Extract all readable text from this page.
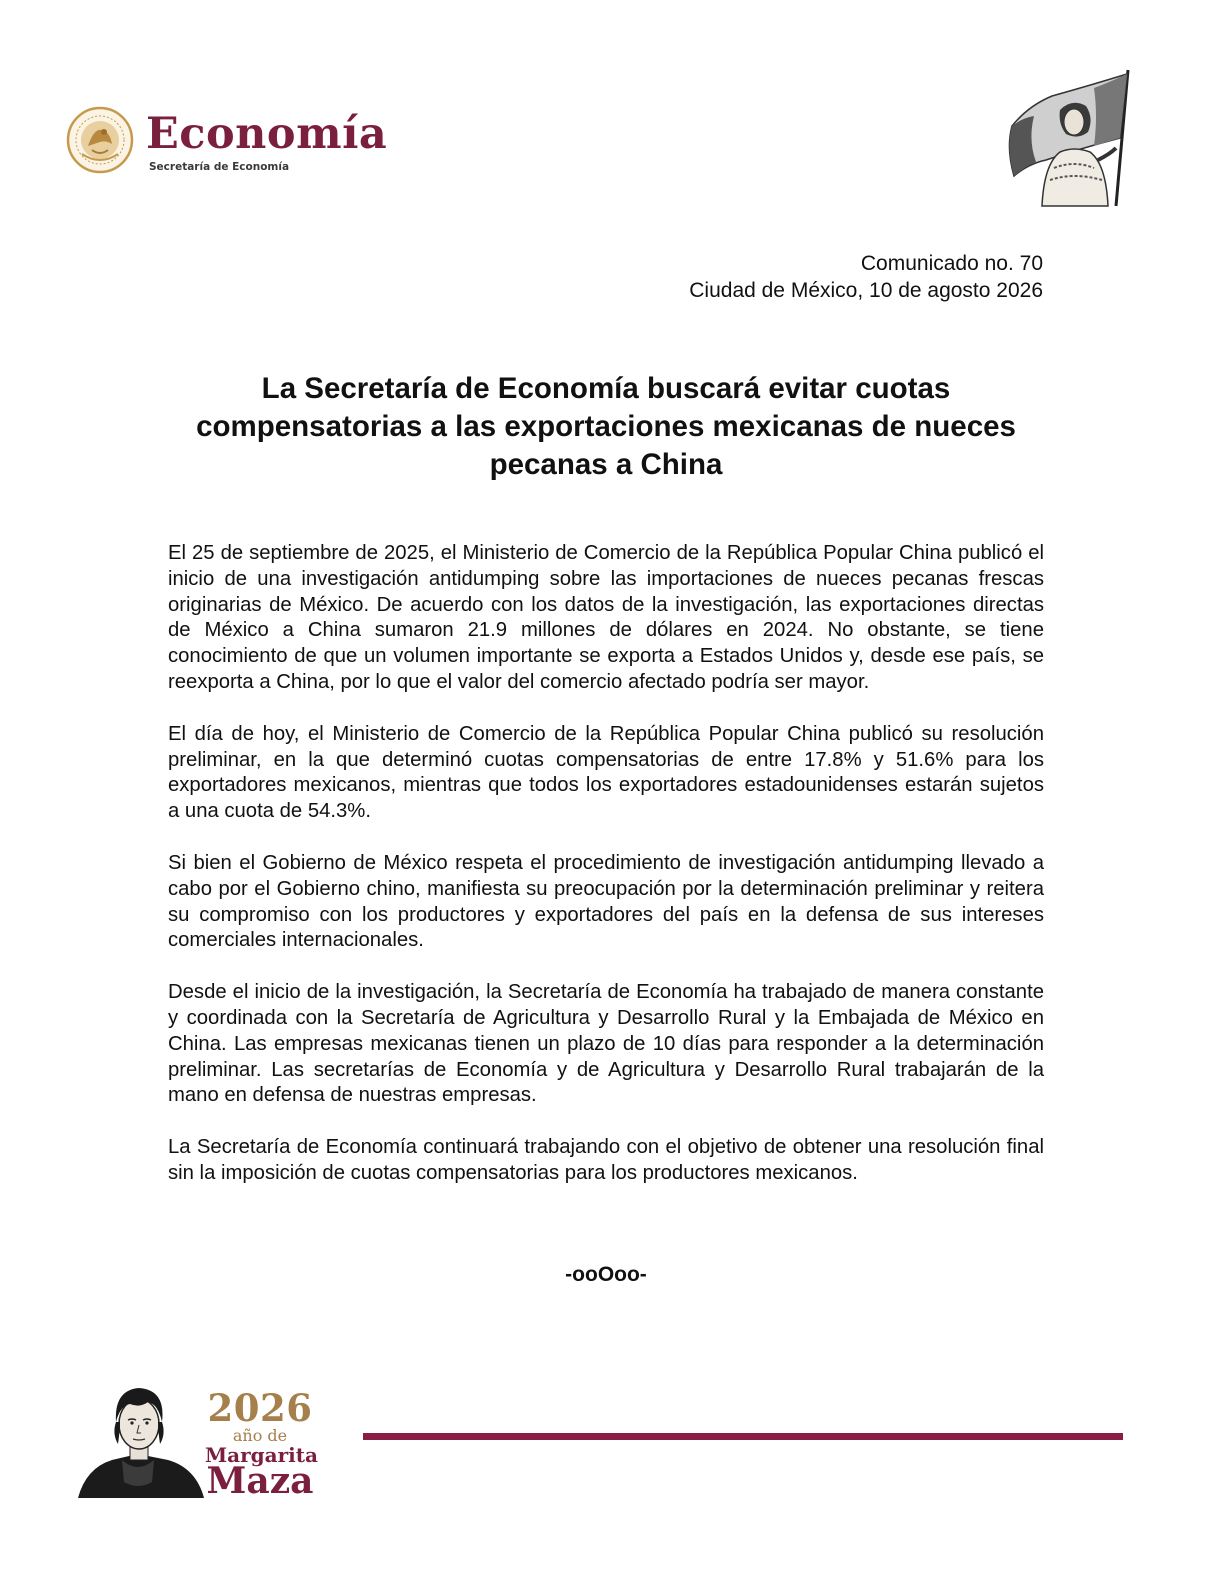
Economía
Secretaría de Economía
Comunicado no. 70
Ciudad de México, 10 de agosto 2026
La Secretaría de Economía buscará evitar cuotas compensatorias a las exportaciones mexicanas de nueces pecanas a China

El 25 de septiembre de 2025, el Ministerio de Comercio de la República Popular China publicó el inicio de una investigación antidumping sobre las importaciones de nueces pecanas frescas originarias de México. De acuerdo con los datos de la investigación, las exportaciones directas de México a China sumaron 21.9 millones de dólares en 2024. No obstante, se tiene conocimiento de que un volumen importante se exporta a Estados Unidos y, desde ese país, se reexporta a China, por lo que el valor del comercio afectado podría ser mayor.

El día de hoy, el Ministerio de Comercio de la República Popular China publicó su resolución preliminar, en la que determinó cuotas compensatorias de entre 17.8% y 51.6% para los exportadores mexicanos, mientras que todos los exportadores estadounidenses estarán sujetos a una cuota de 54.3%.

Si bien el Gobierno de México respeta el procedimiento de investigación antidumping llevado a cabo por el Gobierno chino, manifiesta su preocupación por la determinación preliminar y reitera su compromiso con los productores y exportadores del país en la defensa de sus intereses comerciales internacionales.

Desde el inicio de la investigación, la Secretaría de Economía ha trabajado de manera constante y coordinada con la Secretaría de Agricultura y Desarrollo Rural y la Embajada de México en China. Las empresas mexicanas tienen un plazo de 10 días para responder a la determinación preliminar. Las secretarías de Economía y de Agricultura y Desarrollo Rural trabajarán de la mano en defensa de nuestras empresas.

La Secretaría de Economía continuará trabajando con el objetivo de obtener una resolución final sin la imposición de cuotas compensatorias para los productores mexicanos.

-ooOoo-
2026
año de
Margarita
Maza
